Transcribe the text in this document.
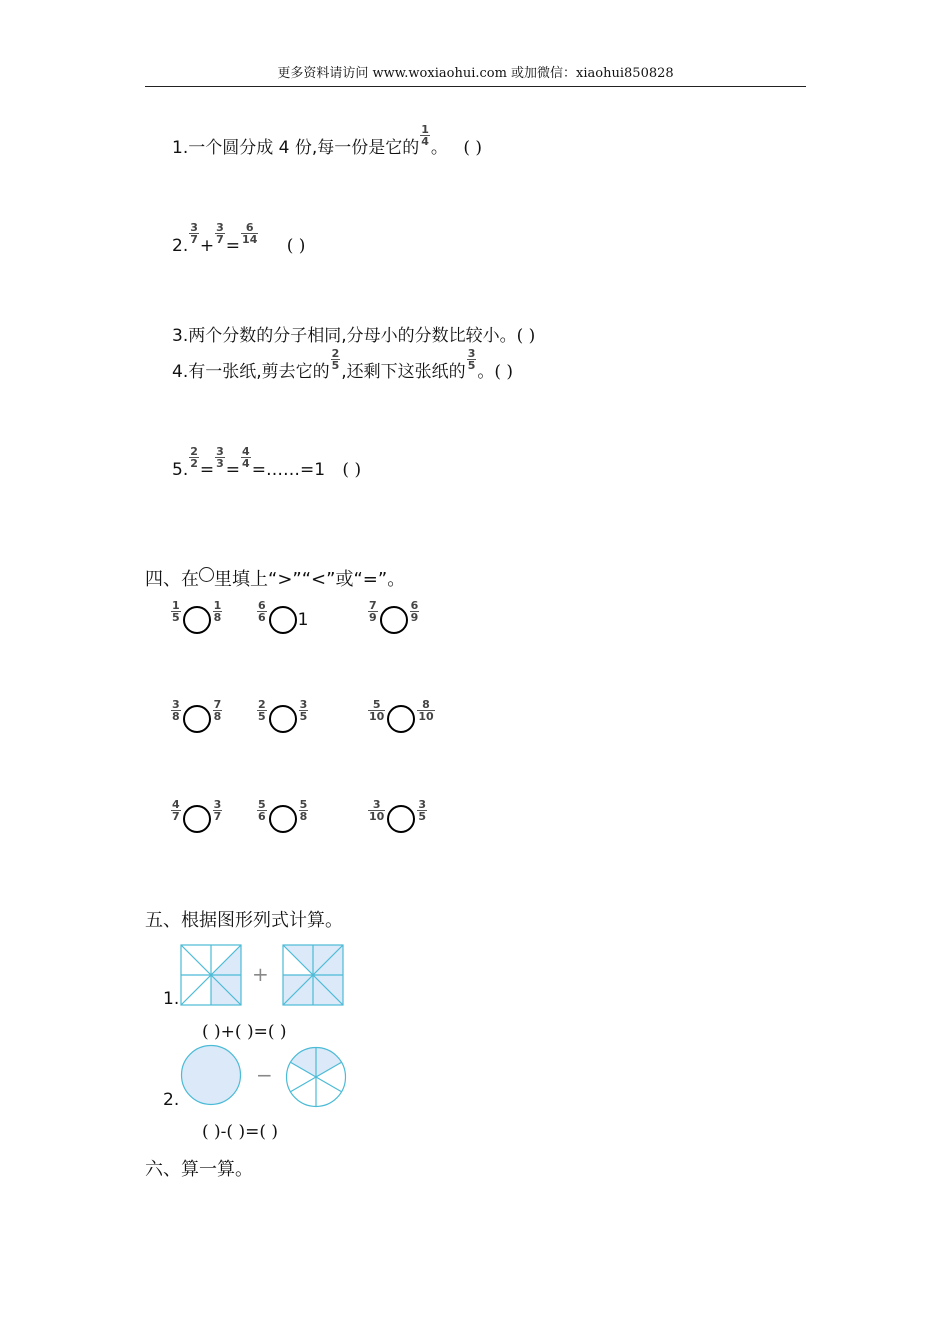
更多资料请访问 www.woxiaohui.com 或加微信：xiaohui850828
1.一个圆分成 4 份,每一份是它的
$\frac{1}{4}$
。 ( )
2.
$\frac{3}{7}$
+
$\frac{3}{7}$
=
$\frac{6}{14}$
( )
3.两个分数的分子相同,分母小的分数比较小。( )
4.有一张纸,剪去它的
$\frac{2}{5}$
,还剩下这张纸的
$\frac{3}{5}$
。( )
5.
$\frac{2}{2}$
=
$\frac{3}{3}$
=
$\frac{4}{4}$
=……=1 ( )
四、在 里填上“>”“<”或“=”。
$\frac{1}{5}$	$\frac{1}{8}$	$\frac{6}{6} 1$	$\frac{7}{9}$	$\frac{6}{9}$
$\frac{3}{8}$	$\frac{7}{8}$	$\frac{2}{5}$	$\frac{3}{5}$	$\frac{5}{10}$	$\frac{8}{10}$
$\frac{4}{7}$	$\frac{3}{7}$	$\frac{5}{6}$	$\frac{5}{8}$	$\frac{3}{10}$	$\frac{3}{5}$
五、根据图形列式计算。
1.
+
( )+( )=( )
2.
−
( )-( )=( )
六、算一算。
